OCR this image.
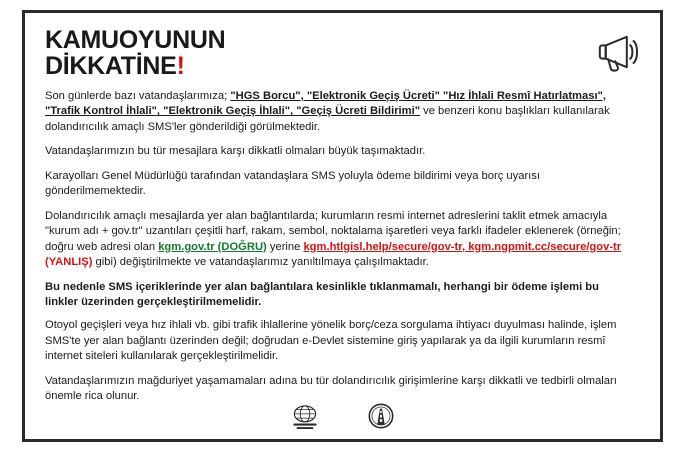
KAMUOYUNUN
DİKKATİNE!

Son günlerde bazı vatandaşlarımıza; "HGS Borcu", "Elektronik Geçiş Ücreti" "Hız İhlali Resmî Hatırlatması", "Trafik Kontrol İhlali", "Elektronik Geçiş İhlali", "Geçiş Ücreti Bildirimi" ve benzeri konu başlıkları kullanılarak dolandırıcılık amaçlı SMS'ler gönderildiği görülmektedir.

Vatandaşlarımızın bu tür mesajlara karşı dikkatli olmaları büyük taşımaktadır.

Karayolları Genel Müdürlüğü tarafından vatandaşlara SMS yoluyla ödeme bildirimi veya borç uyarısı gönderilmemektedir.

Dolandırıcılık amaçlı mesajlarda yer alan bağlantılarda; kurumların resmi internet adreslerini taklit etmek amacıyla "kurum adı + gov.tr" uzantıları çeşitli harf, rakam, sembol, noktalama işaretleri veya farklı ifadeler eklenerek (örneğin; doğru web adresi olan kgm.gov.tr (DOĞRU) yerine kgm.htlgisl.help/secure/gov-tr, kgm.ngpmit.cc/secure/gov-tr (YANLIŞ) gibi) değiştirilmekte ve vatandaşlarımız yanıltılmaya çalışılmaktadır.

Bu nedenle SMS içeriklerinde yer alan bağlantılara kesinlikle tıklanmamalı, herhangi bir ödeme işlemi bu linkler üzerinden gerçekleştirilmemelidir.

Otoyol geçişleri veya hız ihlali vb. gibi trafik ihlallerine yönelik borç/ceza sorgulama ihtiyacı duyulması halinde, işlem SMS'te yer alan bağlantı üzerinden değil; doğrudan e-Devlet sistemine giriş yapılarak ya da ilgili kurumların resmî internet siteleri kullanılarak gerçekleştirilmelidir.

Vatandaşlarımızın mağduriyet yaşamamaları adına bu tür dolandırıcılık girişimlerine karşı dikkatli ve tedbirli olmaları önemle rica olunur.
